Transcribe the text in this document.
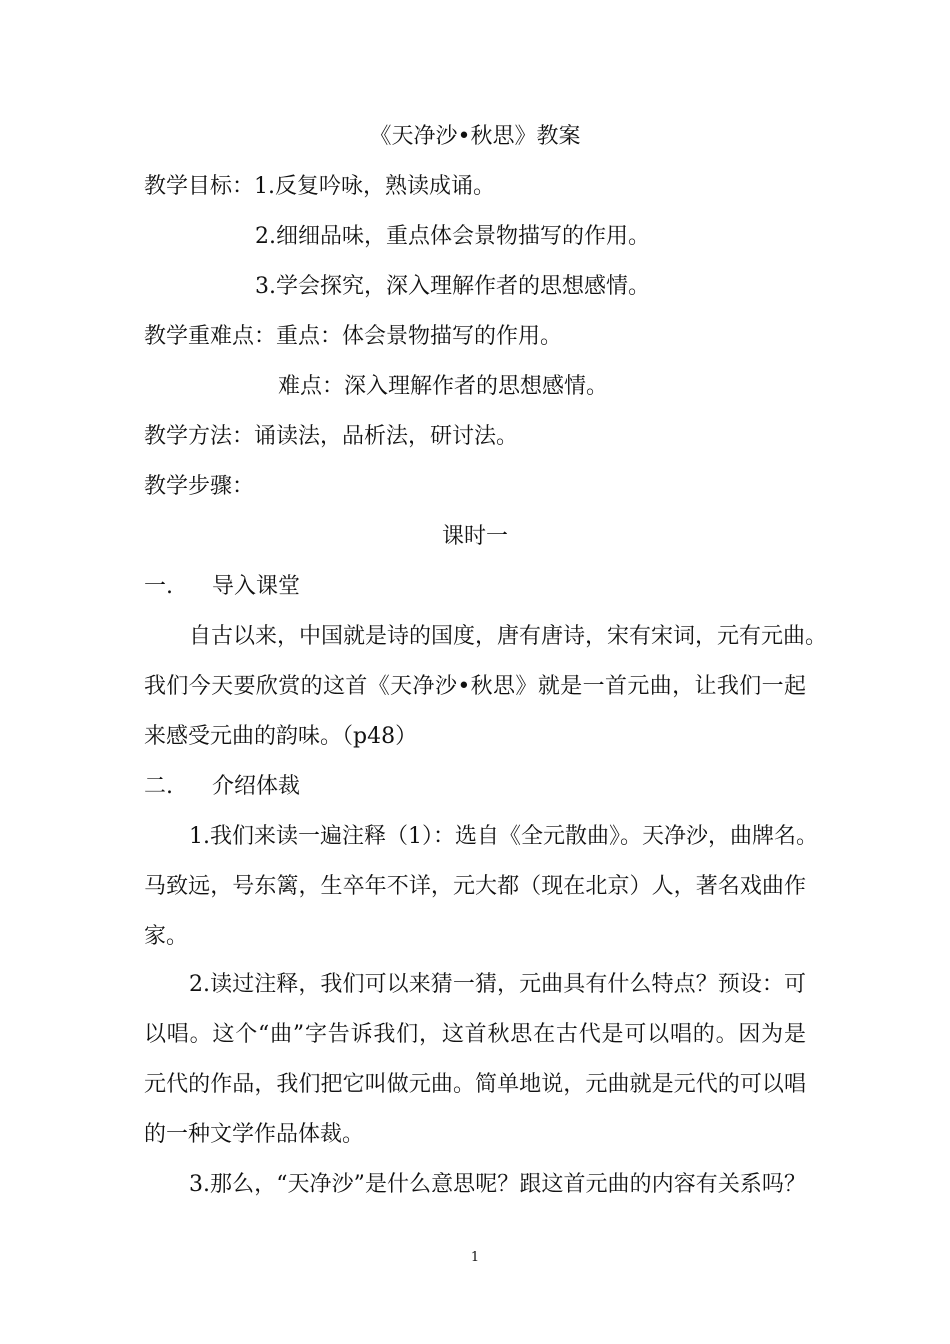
《天净沙•秋思》教案
教学目标：1.反复吟咏，熟读成诵。
2.细细品味，重点体会景物描写的作用。
3.学会探究，深入理解作者的思想感情。
教学重难点：重点：体会景物描写的作用。
难点：深入理解作者的思想感情。
教学方法：诵读法，品析法，研讨法。
教学步骤：
课时一
一. 导入课堂
自古以来，中国就是诗的国度，唐有唐诗，宋有宋词，元有元曲。
我们今天要欣赏的这首《天净沙•秋思》就是一首元曲，让我们一起
来感受元曲的韵味。（p48）
二. 介绍体裁
1.我们来读一遍注释（1）：选自《全元散曲》。天净沙，曲牌名。
马致远，号东篱，生卒年不详，元大都（现在北京）人，著名戏曲作
家。
2.读过注释，我们可以来猜一猜，元曲具有什么特点？预设：可
以唱。这个“曲”字告诉我们，这首秋思在古代是可以唱的。因为是
元代的作品，我们把它叫做元曲。简单地说，元曲就是元代的可以唱
的一种文学作品体裁。
3.那么，“天净沙”是什么意思呢？跟这首元曲的内容有关系吗？
1
